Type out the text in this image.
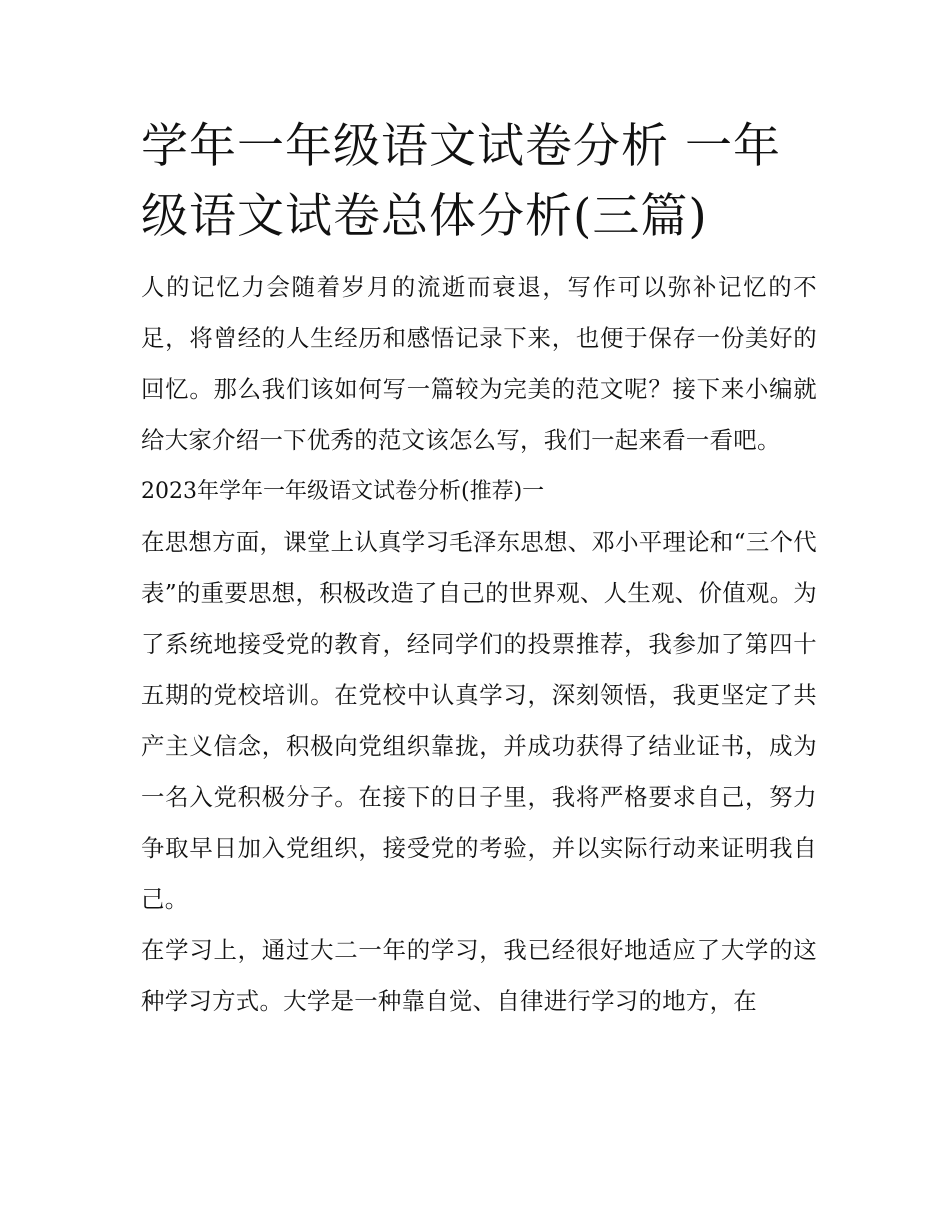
学年一年级语文试卷分析 一年级语文试卷总体分析(三篇)

人的记忆力会随着岁月的流逝而衰退，写作可以弥补记忆的不足，将曾经的人生经历和感悟记录下来，也便于保存一份美好的回忆。那么我们该如何写一篇较为完美的范文呢？接下来小编就给大家介绍一下优秀的范文该怎么写，我们一起来看一看吧。

2023年学年一年级语文试卷分析(推荐)一

在思想方面，课堂上认真学习毛泽东思想、邓小平理论和“三个代表”的重要思想，积极改造了自己的世界观、人生观、价值观。为了系统地接受党的教育，经同学们的投票推荐，我参加了第四十五期的党校培训。在党校中认真学习，深刻领悟，我更坚定了共产主义信念，积极向党组织靠拢，并成功获得了结业证书，成为一名入党积极分子。在接下的日子里，我将严格要求自己，努力争取早日加入党组织，接受党的考验，并以实际行动来证明我自己。

在学习上，通过大二一年的学习，我已经很好地适应了大学的这种学习方式。大学是一种靠自觉、自律进行学习的地方，在
